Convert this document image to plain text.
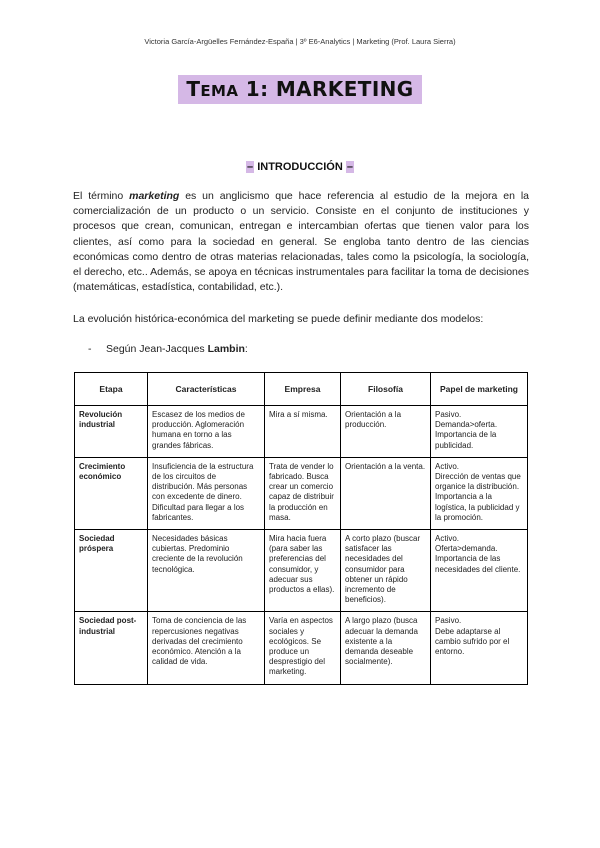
Victoria García-Argüelles Fernández-España | 3º E6-Analytics | Marketing (Prof. Laura Sierra)
TEMA 1: MARKETING
– INTRODUCCIÓN –
El término marketing es un anglicismo que hace referencia al estudio de la mejora en la comercialización de un producto o un servicio. Consiste en el conjunto de instituciones y procesos que crean, comunican, entregan e intercambian ofertas que tienen valor para los clientes, así como para la sociedad en general. Se engloba tanto dentro de las ciencias económicas como dentro de otras materias relacionadas, tales como la psicología, la sociología, el derecho, etc.. Además, se apoya en técnicas instrumentales para facilitar la toma de decisiones (matemáticas, estadística, contabilidad, etc.).
La evolución histórica-económica del marketing se puede definir mediante dos modelos:
- Según Jean-Jacques Lambin:
Etapa	Características	Empresa	Filosofía	Papel de marketing
Revolución industrial	Escasez de los medios de producción. Aglomeración humana en torno a las grandes fábricas.	Mira a sí misma.	Orientación a la producción.	Pasivo.
Demanda>oferta.
Importancia de la publicidad.
Crecimiento económico	Insuficiencia de la estructura de los circuitos de distribución. Más personas con excedente de dinero. Dificultad para llegar a los fabricantes.	Trata de vender lo fabricado. Busca crear un comercio capaz de distribuir la producción en masa.	Orientación a la venta.	Activo.
Dirección de ventas que organice la distribución.
Importancia a la logística, la publicidad y la promoción.
Sociedad próspera	Necesidades básicas cubiertas. Predominio creciente de la revolución tecnológica.	Mira hacia fuera (para saber las preferencias del consumidor, y adecuar sus productos a ellas).	A corto plazo (buscar satisfacer las necesidades del consumidor para obtener un rápido incremento de beneficios).	Activo.
Oferta>demanda.
Importancia de las necesidades del cliente.
Sociedad post-industrial	Toma de conciencia de las repercusiones negativas derivadas del crecimiento económico. Atención a la calidad de vida.	Varía en aspectos sociales y ecológicos. Se produce un desprestigio del marketing.	A largo plazo (busca adecuar la demanda existente a la demanda deseable socialmente).	Pasivo.
Debe adaptarse al cambio sufrido por el entorno.
